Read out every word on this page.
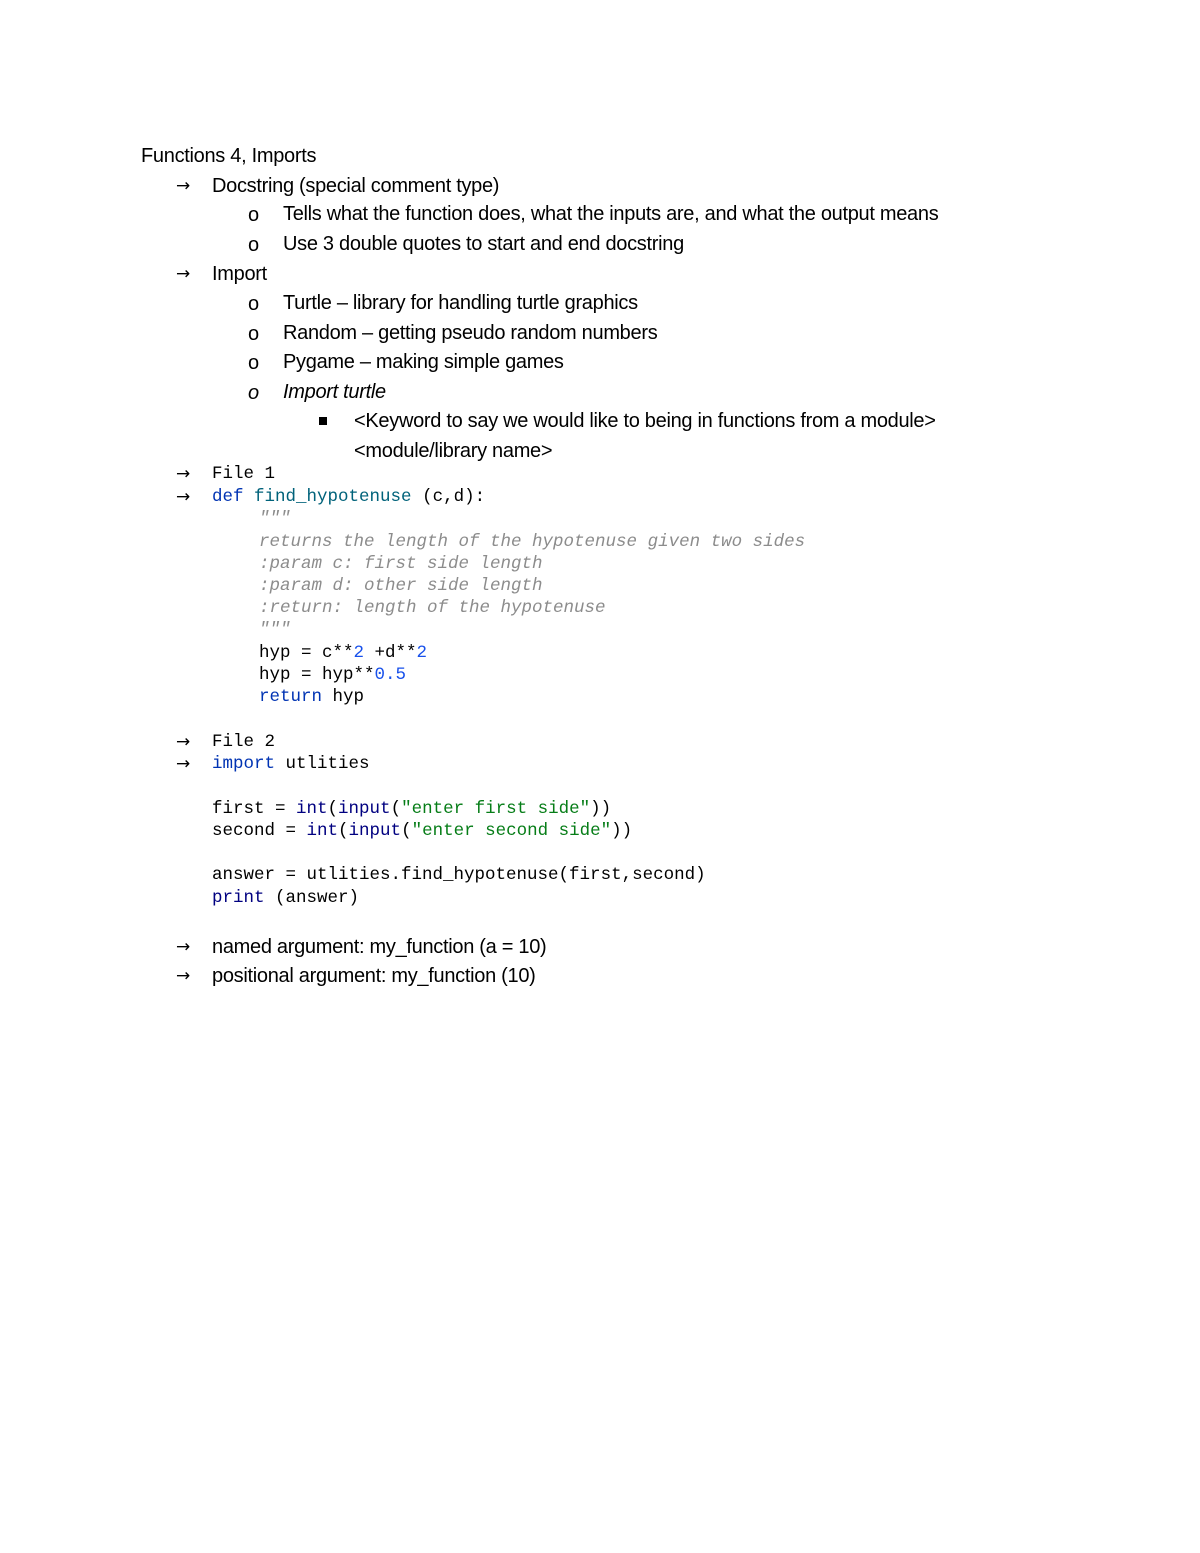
Functions 4, Imports
→ Docstring (special comment type)
o Tells what the function does, what the inputs are, and what the output means
o Use 3 double quotes to start and end docstring
→ Import
o Turtle – library for handling turtle graphics
o Random – getting pseudo random numbers
o Pygame – making simple games
o Import turtle
<Keyword to say we would like to being in functions from a module>
<module/library name>
→ File 1
→ def find_hypotenuse (c,d):
"""
returns the length of the hypotenuse given two sides
:param c: first side length
:param d: other side length
:return: length of the hypotenuse
"""
hyp = c**2 +d**2
hyp = hyp**0.5
return hyp
→ File 2
→ import utlities
first = int(input("enter first side"))
second = int(input("enter second side"))
answer = utlities.find_hypotenuse(first,second)
print (answer)
→ named argument: my_function (a = 10)
→ positional argument: my_function (10)
